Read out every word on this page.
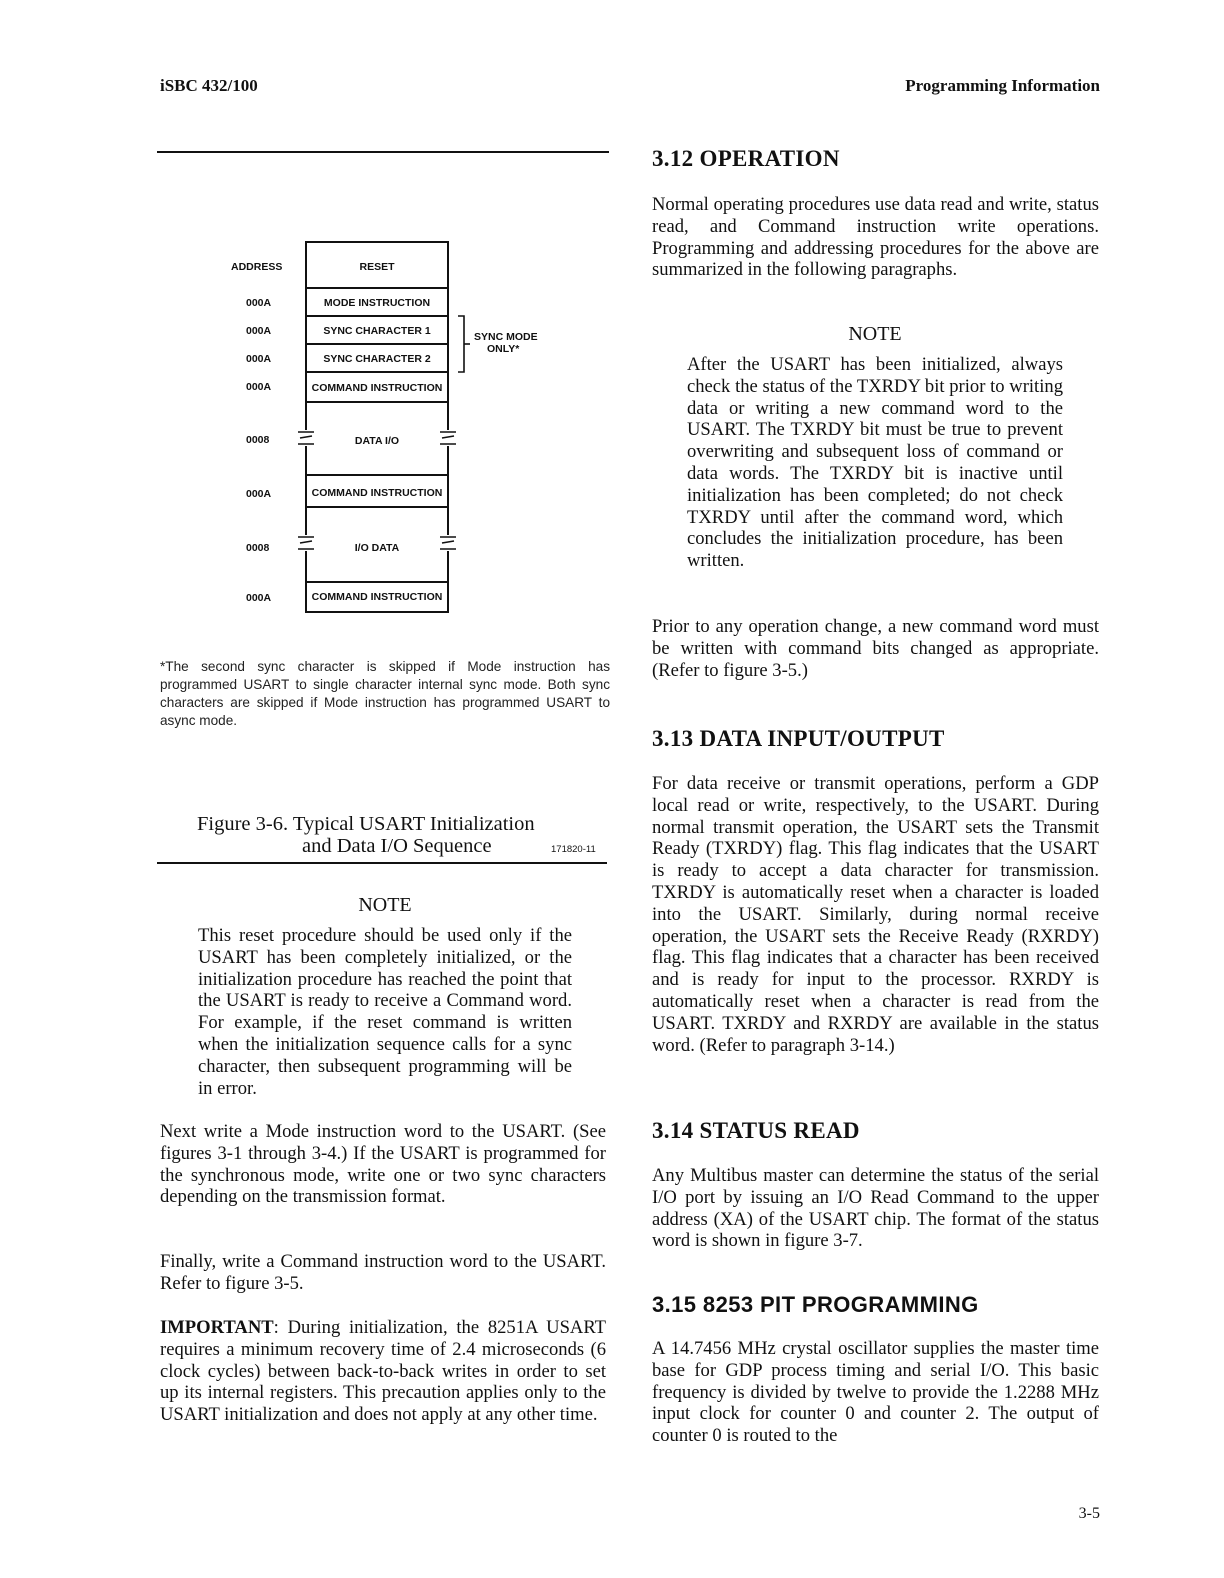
iSBC 432/100	Programming Information
ADDRESS
000A
000A
000A
000A
0008
000A
0008
000A
RESET
MODE INSTRUCTION
SYNC CHARACTER 1
SYNC CHARACTER 2
COMMAND INSTRUCTION
DATA I/O
COMMAND INSTRUCTION
I/O DATA
COMMAND INSTRUCTION
SYNC MODE
ONLY*

*The second sync character is skipped if Mode instruction has programmed USART to single character internal sync mode. Both sync characters are skipped if Mode instruction has programmed USART to async mode.

Figure 3-6. Typical USART Initialization
and Data I/O Sequence	171820-11
NOTE

This reset procedure should be used only if the USART has been completely initialized, or the initialization procedure has reached the point that the USART is ready to receive a Command word. For example, if the reset command is written when the initialization sequence calls for a sync character, then subsequent programming will be in error.

Next write a Mode instruction word to the USART. (See figures 3-1 through 3-4.) If the USART is programmed for the synchronous mode, write one or two sync characters depending on the transmission format.

Finally, write a Command instruction word to the USART. Refer to figure 3-5.

IMPORTANT: During initialization, the 8251A USART requires a minimum recovery time of 2.4 microseconds (6 clock cycles) between back-to-back writes in order to set up its internal registers. This precaution applies only to the USART initialization and does not apply at any other time.

3.12 OPERATION

Normal operating procedures use data read and write, status read, and Command instruction write operations. Programming and addressing procedures for the above are summarized in the following paragraphs.

NOTE

After the USART has been initialized, always check the status of the TXRDY bit prior to writing data or writing a new command word to the USART. The TXRDY bit must be true to prevent overwriting and subsequent loss of command or data words. The TXRDY bit is inactive until initialization has been completed; do not check TXRDY until after the command word, which concludes the initialization procedure, has been written.

Prior to any operation change, a new command word must be written with command bits changed as appropriate. (Refer to figure 3-5.)

3.13 DATA INPUT/OUTPUT

For data receive or transmit operations, perform a GDP local read or write, respectively, to the USART. During normal transmit operation, the USART sets the Transmit Ready (TXRDY) flag. This flag indicates that the USART is ready to accept a data character for transmission. TXRDY is automatically reset when a character is loaded into the USART. Similarly, during normal receive operation, the USART sets the Receive Ready (RXRDY) flag. This flag indicates that a character has been received and is ready for input to the processor. RXRDY is automatically reset when a character is read from the USART. TXRDY and RXRDY are available in the status word. (Refer to paragraph 3-14.)

3.14 STATUS READ

Any Multibus master can determine the status of the serial I/O port by issuing an I/O Read Command to the upper address (XA) of the USART chip. The format of the status word is shown in figure 3-7.

3.15 8253 PIT PROGRAMMING

A 14.7456 MHz crystal oscillator supplies the master time base for GDP process timing and serial I/O. This basic frequency is divided by twelve to provide the 1.2288 MHz input clock for counter 0 and counter 2. The output of counter 0 is routed to the

3-5
